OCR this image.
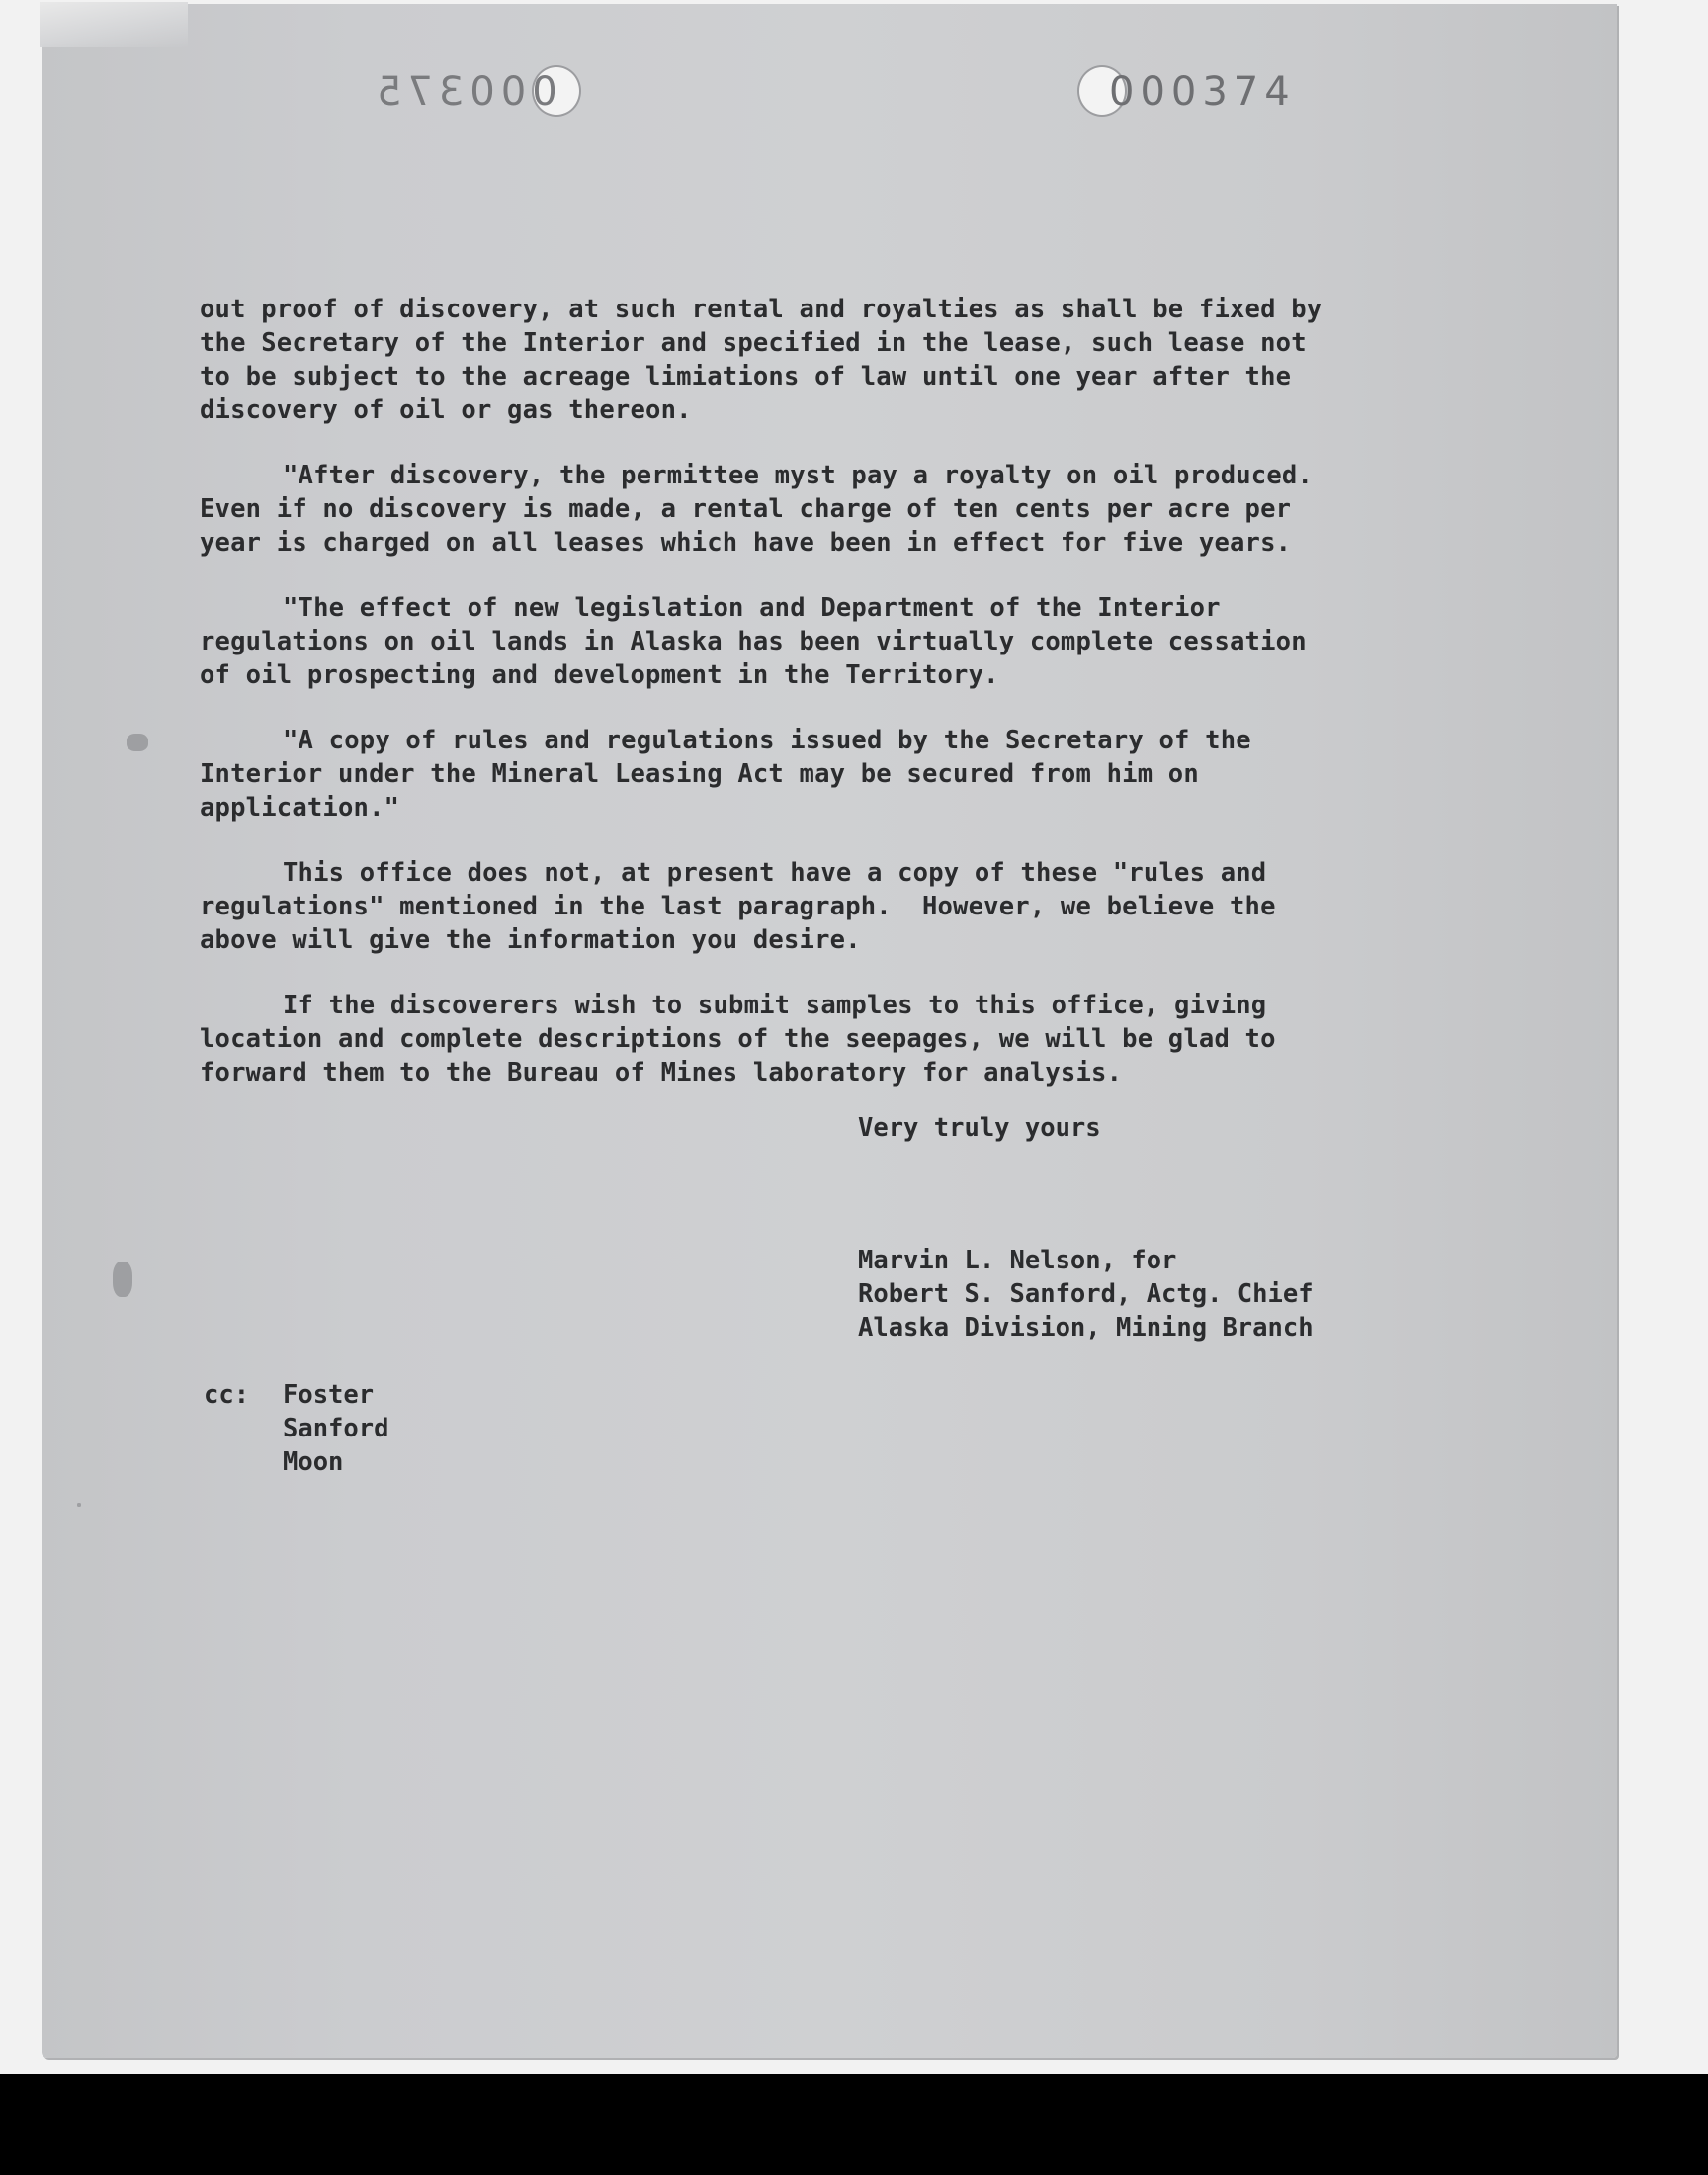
000375	000374
out proof of discovery, at such rental and royalties as shall be fixed by
the Secretary of the Interior and specified in the lease, such lease not
to be subject to the acreage limiations of law until one year after the
discovery of oil or gas thereon.
"After discovery, the permittee myst pay a royalty on oil produced.
Even if no discovery is made, a rental charge of ten cents per acre per
year is charged on all leases which have been in effect for five years.
"The effect of new legislation and Department of the Interior
regulations on oil lands in Alaska has been virtually complete cessation
of oil prospecting and development in the Territory.
"A copy of rules and regulations issued by the Secretary of the
Interior under the Mineral Leasing Act may be secured from him on
application."
This office does not, at present have a copy of these "rules and
regulations" mentioned in the last paragraph.  However, we believe the
above will give the information you desire.
If the discoverers wish to submit samples to this office, giving
location and complete descriptions of the seepages, we will be glad to
forward them to the Bureau of Mines laboratory for analysis.
Very truly yours
Marvin L. Nelson, for
Robert S. Sanford, Actg. Chief
Alaska Division, Mining Branch
cc: Foster
Sanford
Moon
